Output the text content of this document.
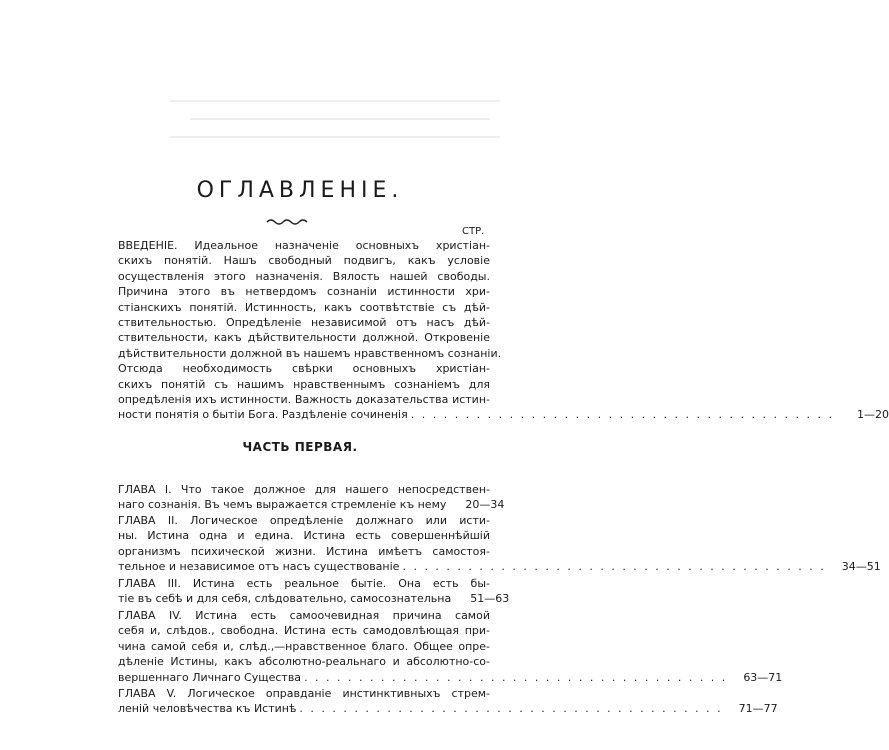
ОГЛАВЛЕНIЕ.
СТР.
ЧАСТЬ ПЕРВАЯ.
ВВЕДЕНIЕ. Идеальное назначенiе основныхъ христiан-
скихъ понятiй. Нашъ свободный подвигъ, какъ условiе
осуществленiя этого назначенiя. Вялость нашей свободы.
Причина этого въ нетвердомъ сознанiи истинности хри-
стiанскихъ понятiй. Истинность, какъ соотвѣтствiе съ дѣй-
ствительностью. Опредѣленiе независимой отъ насъ дѣй-
ствительности, какъ дѣйствительности должной. Откровенiе
дѣйствительности должной въ нашемъ нравственномъ сознанiи.
Отсюда необходимость свѣрки основныхъ христiан-
скихъ понятiй съ нашимъ нравственнымъ сознанiемъ для
опредѣленiя ихъ истинности. Важность доказательства истин-
ности понятiя о бытiи Бога. Раздѣленiе сочиненiя . . . . . . . . . . . . . . . . . . . . . . . . . . . . . . . . . . . . . . .	1—20
ГЛАВА I. Что такое должное для нашего непосредствен-
наго сознанiя. Въ чемъ выражается стремленiе къ нему	20—34
ГЛАВА II. Логическое опредѣленiе должнаго или исти-
ны. Истина одна и едина. Истина есть совершеннѣйшiй
организмъ психической жизни. Истина имѣетъ самостоя-
тельное и независимое отъ насъ существованiе . . . . . . . . . . . . . . . . . . . . . . . . . . . . . . . . . . . . . . .	34—51
ГЛАВА III. Истина есть реальное бытiе. Она есть бы-
тiе въ себѣ и для себя, слѣдовательно, самосознательна	51—63
ГЛАВА IV. Истина есть самоочевидная причина самой
себя и, слѣдов., свободна. Истина есть самодовлѣющая при-
чина самой себя и, слѣд.,—нравственное благо. Общее опре-
дѣленiе Истины, какъ абсолютно-реальнаго и абсолютно-со-
вершеннаго Личнаго Существа . . . . . . . . . . . . . . . . . . . . . . . . . . . . . . . . . . . . . . .	63—71
ГЛАВА V. Логическое оправданiе инстинктивныхъ стрем-
ленiй человѣчества къ Истинѣ . . . . . . . . . . . . . . . . . . . . . . . . . . . . . . . . . . . . . . .	71—77
